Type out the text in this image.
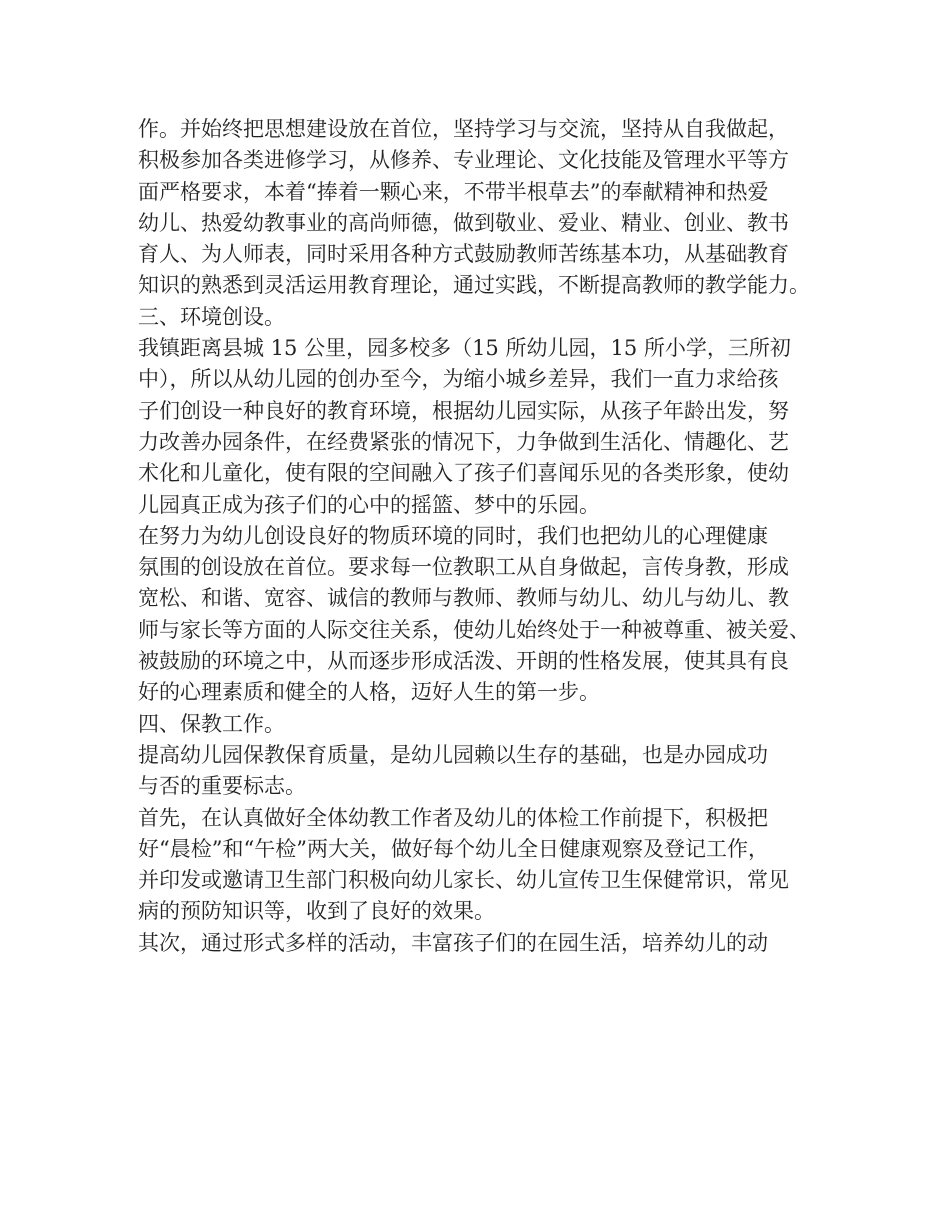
作。并始终把思想建设放在首位，坚持学习与交流，坚持从自我做起，
积极参加各类进修学习，从修养、专业理论、文化技能及管理水平等方
面严格要求，本着“捧着一颗心来，不带半根草去”的奉献精神和热爱
幼儿、热爱幼教事业的高尚师德，做到敬业、爱业、精业、创业、教书
育人、为人师表，同时采用各种方式鼓励教师苦练基本功，从基础教育
知识的熟悉到灵活运用教育理论，通过实践，不断提高教师的教学能力。
三、环境创设。
我镇距离县城 15 公里，园多校多（15 所幼儿园，15 所小学，三所初
中），所以从幼儿园的创办至今，为缩小城乡差异，我们一直力求给孩
子们创设一种良好的教育环境，根据幼儿园实际，从孩子年龄出发，努
力改善办园条件，在经费紧张的情况下，力争做到生活化、情趣化、艺
术化和儿童化，使有限的空间融入了孩子们喜闻乐见的各类形象，使幼
儿园真正成为孩子们的心中的摇篮、梦中的乐园。
在努力为幼儿创设良好的物质环境的同时，我们也把幼儿的心理健康
氛围的创设放在首位。要求每一位教职工从自身做起，言传身教，形成
宽松、和谐、宽容、诚信的教师与教师、教师与幼儿、幼儿与幼儿、教
师与家长等方面的人际交往关系，使幼儿始终处于一种被尊重、被关爱、
被鼓励的环境之中，从而逐步形成活泼、开朗的性格发展，使其具有良
好的心理素质和健全的人格，迈好人生的第一步。
四、保教工作。
提高幼儿园保教保育质量，是幼儿园赖以生存的基础，也是办园成功
与否的重要标志。
首先，在认真做好全体幼教工作者及幼儿的体检工作前提下，积极把
好“晨检”和“午检”两大关，做好每个幼儿全日健康观察及登记工作，
并印发或邀请卫生部门积极向幼儿家长、幼儿宣传卫生保健常识，常见
病的预防知识等，收到了良好的效果。
其次，通过形式多样的活动，丰富孩子们的在园生活，培养幼儿的动
